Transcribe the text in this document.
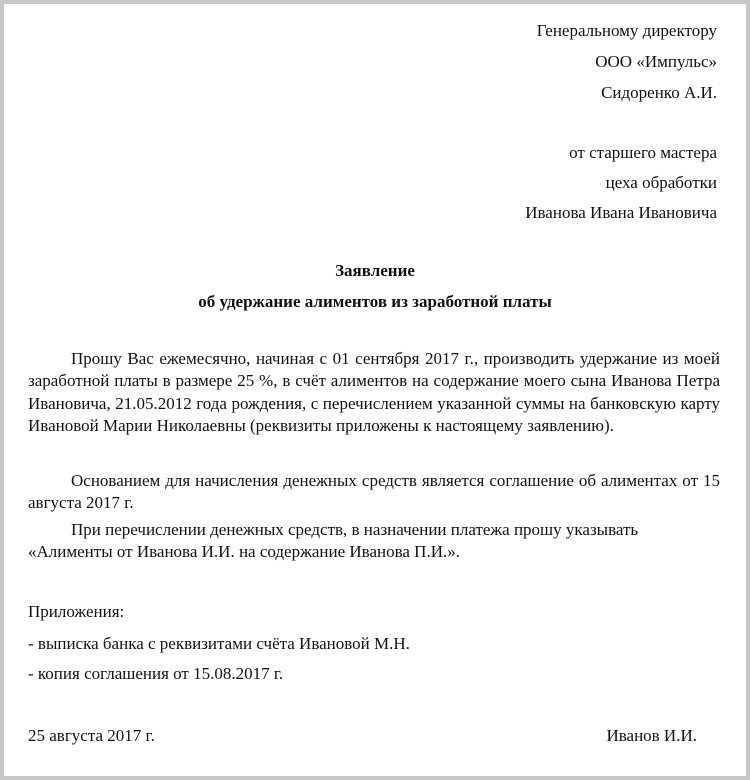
Генеральному директору
ООО «Импульс»
Сидоренко А.И.
от старшего мастера
цеха обработки
Иванова Ивана Ивановича
Заявление
об удержание алиментов из заработной платы

Прошу Вас ежемесячно, начиная с 01 сентября 2017 г., производить удержание из моей заработной платы в размере 25 %, в счёт алиментов на содержание моего сына Иванова Петра Ивановича, 21.05.2012 года рождения, с перечислением указанной суммы на банковскую карту Ивановой Марии Николаевны (реквизиты приложены к настоящему заявлению).

Основанием для начисления денежных средств является соглашение об алиментах от 15 августа 2017 г.

При перечислении денежных средств, в назначении платежа прошу указывать «Алименты от Иванова И.И. на содержание Иванова П.И.».

Приложения:
- выписка банка с реквизитами счёта Ивановой М.Н.
- копия соглашения от 15.08.2017 г.
25 августа 2017 г.	Иванов И.И.
